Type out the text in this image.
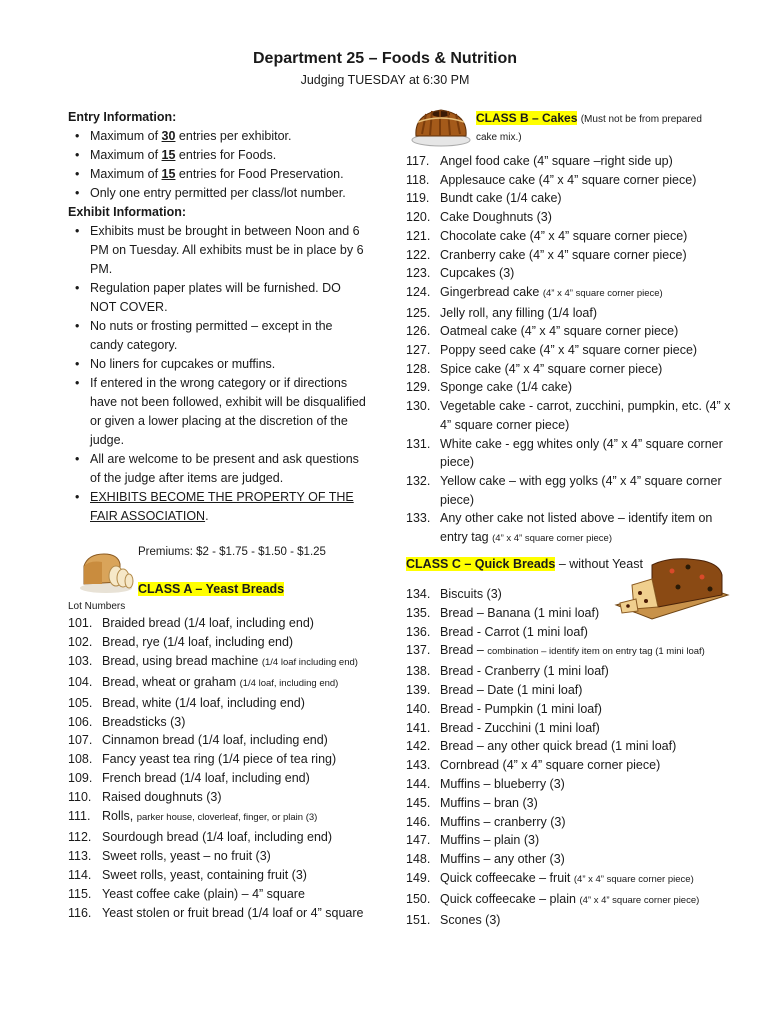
Department 25 – Foods & Nutrition
Judging TUESDAY at 6:30 PM
Entry Information:
• Maximum of 30 entries per exhibitor.
• Maximum of 15 entries for Foods.
• Maximum of 15 entries for Food Preservation.
• Only one entry permitted per class/lot number.
Exhibit Information:
• Exhibits must be brought in between Noon and 6 PM on Tuesday. All exhibits must be in place by 6 PM.
• Regulation paper plates will be furnished. DO NOT COVER.
• No nuts or frosting permitted – except in the candy category.
• No liners for cupcakes or muffins.
• If entered in the wrong category or if directions have not been followed, exhibit will be disqualified or given a lower placing at the discretion of the judge.
• All are welcome to be present and ask questions of the judge after items are judged.
• EXHIBITS BECOME THE PROPERTY OF THE FAIR ASSOCIATION.
Premiums: $2 - $1.75 - $1.50 - $1.25
CLASS A – Yeast Breads
Lot Numbers
101. Braided bread (1/4 loaf, including end)
102. Bread, rye (1/4 loaf, including end)
103. Bread, using bread machine (1/4 loaf including end)
104. Bread, wheat or graham (1/4 loaf, including end)
105. Bread, white (1/4 loaf, including end)
106. Breadsticks (3)
107. Cinnamon bread (1/4 loaf, including end)
108. Fancy yeast tea ring (1/4 piece of tea ring)
109. French bread (1/4 loaf, including end)
110. Raised doughnuts (3)
111. Rolls, parker house, cloverleaf, finger, or plain (3)
112. Sourdough bread (1/4 loaf, including end)
113. Sweet rolls, yeast – no fruit (3)
114. Sweet rolls, yeast, containing fruit (3)
115. Yeast coffee cake (plain) – 4” square
116. Yeast stolen or fruit bread (1/4 loaf or 4” square
CLASS B – Cakes (Must not be from prepared cake mix.)
117. Angel food cake (4” square –right side up)
118. Applesauce cake (4” x 4” square corner piece)
119. Bundt cake (1/4 cake)
120. Cake Doughnuts (3)
121. Chocolate cake (4” x 4” square corner piece)
122. Cranberry cake (4” x 4” square corner piece)
123. Cupcakes (3)
124. Gingerbread cake (4” x 4” square corner piece)
125. Jelly roll, any filling (1/4 loaf)
126. Oatmeal cake (4” x 4” square corner piece)
127. Poppy seed cake (4” x 4” square corner piece)
128. Spice cake (4” x 4” square corner piece)
129. Sponge cake (1/4 cake)
130. Vegetable cake - carrot, zucchini, pumpkin, etc. (4” x 4” square corner piece)
131. White cake - egg whites only (4” x 4” square corner piece)
132. Yellow cake – with egg yolks (4” x 4” square corner piece)
133. Any other cake not listed above – identify item on entry tag (4” x 4” square corner piece)
CLASS C – Quick Breads – without Yeast
134. Biscuits (3)
135. Bread – Banana (1 mini loaf)
136. Bread - Carrot (1 mini loaf)
137. Bread – combination – identify item on entry tag (1 mini loaf)
138. Bread - Cranberry (1 mini loaf)
139. Bread – Date (1 mini loaf)
140. Bread - Pumpkin (1 mini loaf)
141. Bread - Zucchini (1 mini loaf)
142. Bread – any other quick bread (1 mini loaf)
143. Cornbread (4” x 4” square corner piece)
144. Muffins – blueberry (3)
145. Muffins – bran (3)
146. Muffins – cranberry (3)
147. Muffins – plain (3)
148. Muffins – any other (3)
149. Quick coffeecake – fruit (4” x 4” square corner piece)
150. Quick coffeecake – plain (4” x 4” square corner piece)
151. Scones (3)
